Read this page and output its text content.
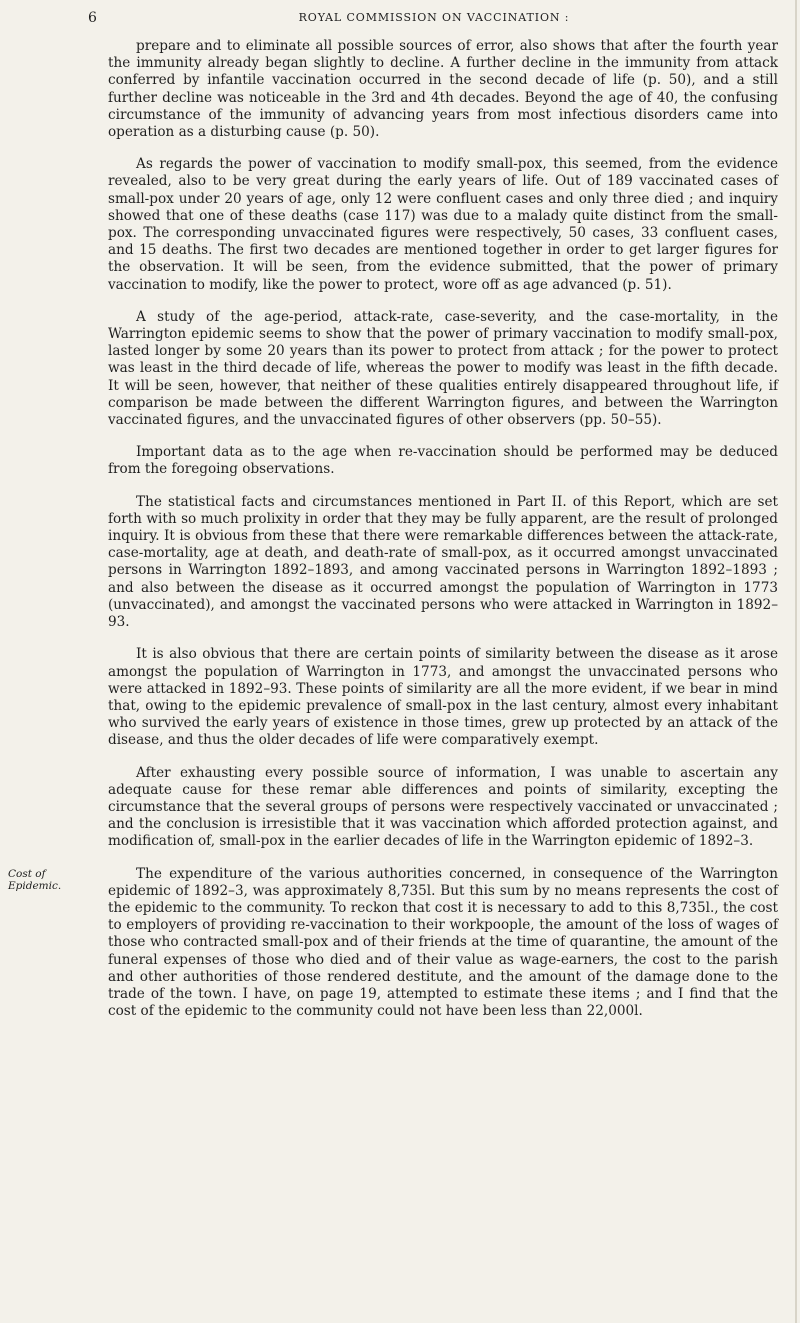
6	ROYAL COMMISSION ON VACCINATION :

prepare and to eliminate all possible sources of error, also shows that after the fourth year the immunity already began slightly to decline. A further decline in the immunity from attack conferred by infantile vaccination occurred in the second decade of life (p. 50), and a still further decline was noticeable in the 3rd and 4th decades. Beyond the age of 40, the confusing circumstance of the immunity of advancing years from most infectious disorders came into operation as a disturbing cause (p. 50).

As regards the power of vaccination to modify small-pox, this seemed, from the evidence revealed, also to be very great during the early years of life. Out of 189 vaccinated cases of small-pox under 20 years of age, only 12 were confluent cases and only three died ; and inquiry showed that one of these deaths (case 117) was due to a malady quite distinct from the small-pox. The corresponding unvaccinated figures were respectively, 50 cases, 33 confluent cases, and 15 deaths. The first two decades are mentioned together in order to get larger figures for the observation. It will be seen, from the evidence submitted, that the power of primary vaccination to modify, like the power to protect, wore off as age advanced (p. 51).

A study of the age-period, attack-rate, case-severity, and the case-mortality, in the Warrington epidemic seems to show that the power of primary vaccination to modify small-pox, lasted longer by some 20 years than its power to protect from attack ; for the power to protect was least in the third decade of life, whereas the power to modify was least in the fifth decade. It will be seen, however, that neither of these qualities entirely disappeared throughout life, if comparison be made between the different Warrington figures, and between the Warrington vaccinated figures, and the unvaccinated figures of other observers (pp. 50–55).

Important data as to the age when re-vaccination should be performed may be deduced from the foregoing observations.

The statistical facts and circumstances mentioned in Part II. of this Report, which are set forth with so much prolixity in order that they may be fully apparent, are the result of prolonged inquiry. It is obvious from these that there were remarkable differences between the attack-rate, case-mortality, age at death, and death-rate of small-pox, as it occurred amongst unvaccinated persons in Warrington 1892–1893, and among vaccinated persons in Warrington 1892–1893 ; and also between the disease as it occurred amongst the population of Warrington in 1773 (unvaccinated), and amongst the vaccinated persons who were attacked in Warrington in 1892–93.

It is also obvious that there are certain points of similarity between the disease as it arose amongst the population of Warrington in 1773, and amongst the unvaccinated persons who were attacked in 1892–93. These points of similarity are all the more evident, if we bear in mind that, owing to the epidemic prevalence of small-pox in the last century, almost every inhabitant who survived the early years of existence in those times, grew up protected by an attack of the disease, and thus the older decades of life were comparatively exempt.

After exhausting every possible source of information, I was unable to ascertain any adequate cause for these remar able differences and points of similarity, excepting the circumstance that the several groups of persons were respectively vaccinated or unvaccinated ; and the conclusion is irresistible that it was vaccination which afforded protection against, and modification of, small-pox in the earlier decades of life in the Warrington epidemic of 1892–3.

The expenditure of the various authorities concerned, in consequence of the Warrington epidemic of 1892–3, was approximately 8,735l. But this sum by no means represents the cost of the epidemic to the community. To reckon that cost it is necessary to add to this 8,735l., the cost to employers of providing re-vaccination to their workpoople, the amount of the loss of wages of those who contracted small-pox and of their friends at the time of quarantine, the amount of the funeral expenses of those who died and of their value as wage-earners, the cost to the parish and other authorities of those rendered destitute, and the amount of the damage done to the trade of the town. I have, on page 19, attempted to estimate these items ; and I find that the cost of the epidemic to the community could not have been less than 22,000l.

Cost of Epidemic.
